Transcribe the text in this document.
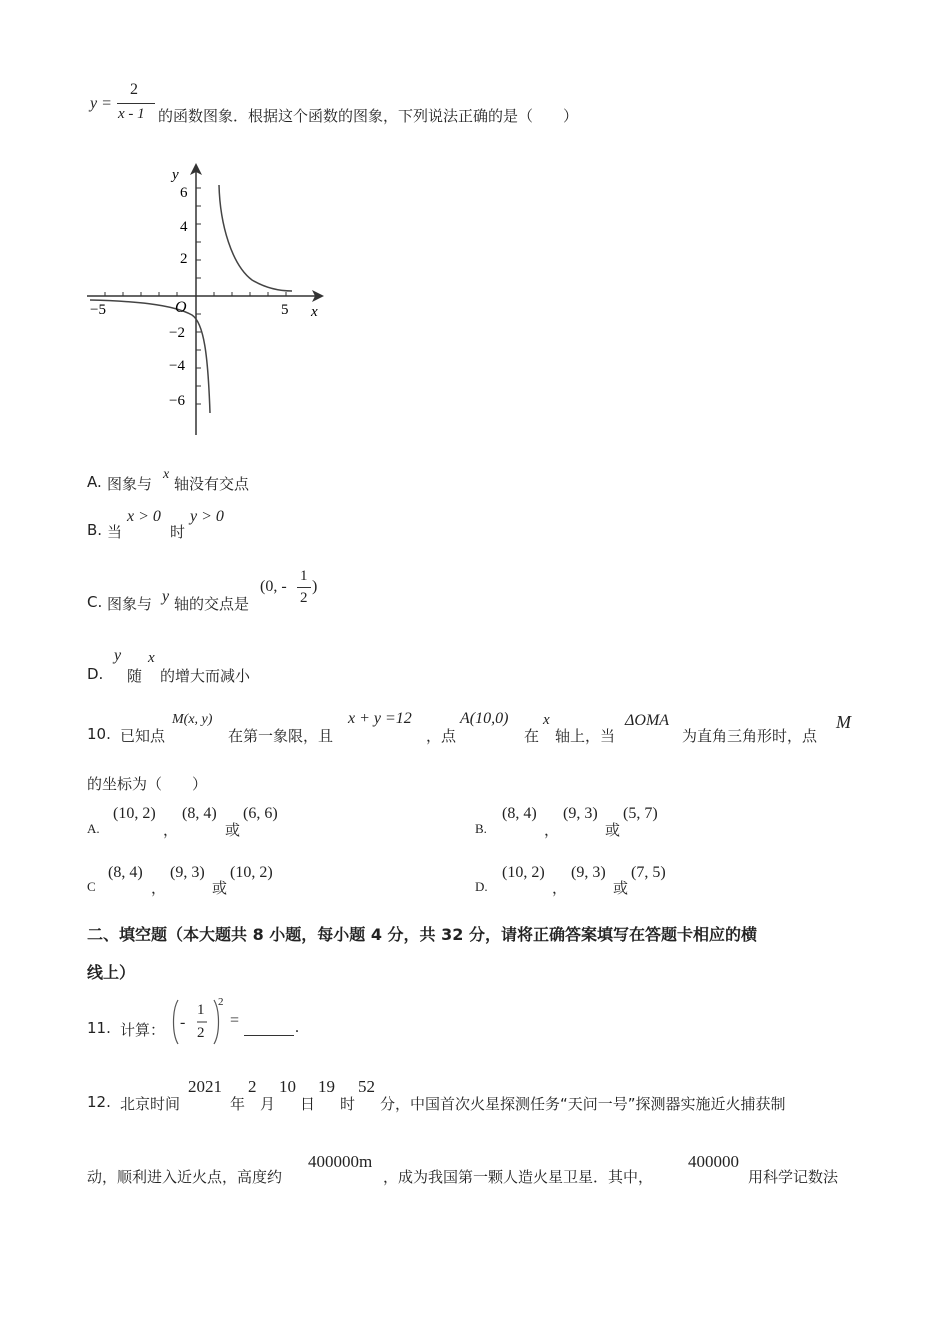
y =
2
x - 1 的函数图象．根据这个函数的图象，下列说法正确的是（　　）
y
x
O
6
4
2
−2
−4
−6
−5	5
A. 图象与
x
轴没有交点
B. 当
x > 0
时
y > 0
C. 图象与 y 轴的交点是
(0, -
1
2
)
D.
y
随
x
的增大而减小
10. 已知点
M(x, y)
在第一象限，且
x + y =12
，点
A(10,0)
在
x
轴上，当
ΔOMA
为直角三角形时，点
M
的坐标为（　　）
A.
(10, 2)
，
(8, 4)
或
(6, 6)
B.
(8, 4)
，
(9, 3)
或
(5, 7)
C
(8, 4)
，
(9, 3)
或
(10, 2)
D.
(10, 2)
，
(9, 3)
或
(7, 5)
二、填空题（本大题共 8 小题，每小题 4 分，共 32 分，请将正确答案填写在答题卡相应的横
线上）
11. 计算： -
1
2
2
=	.
12. 北京时间
2021
年
2
月
10
日
19
时
52
分，中国首次火星探测任务“天问一号”探测器实施近火捕获制
动，顺利进入近火点，高度约
400000m
，成为我国第一颗人造火星卫星．其中，
400000
用科学记数法
